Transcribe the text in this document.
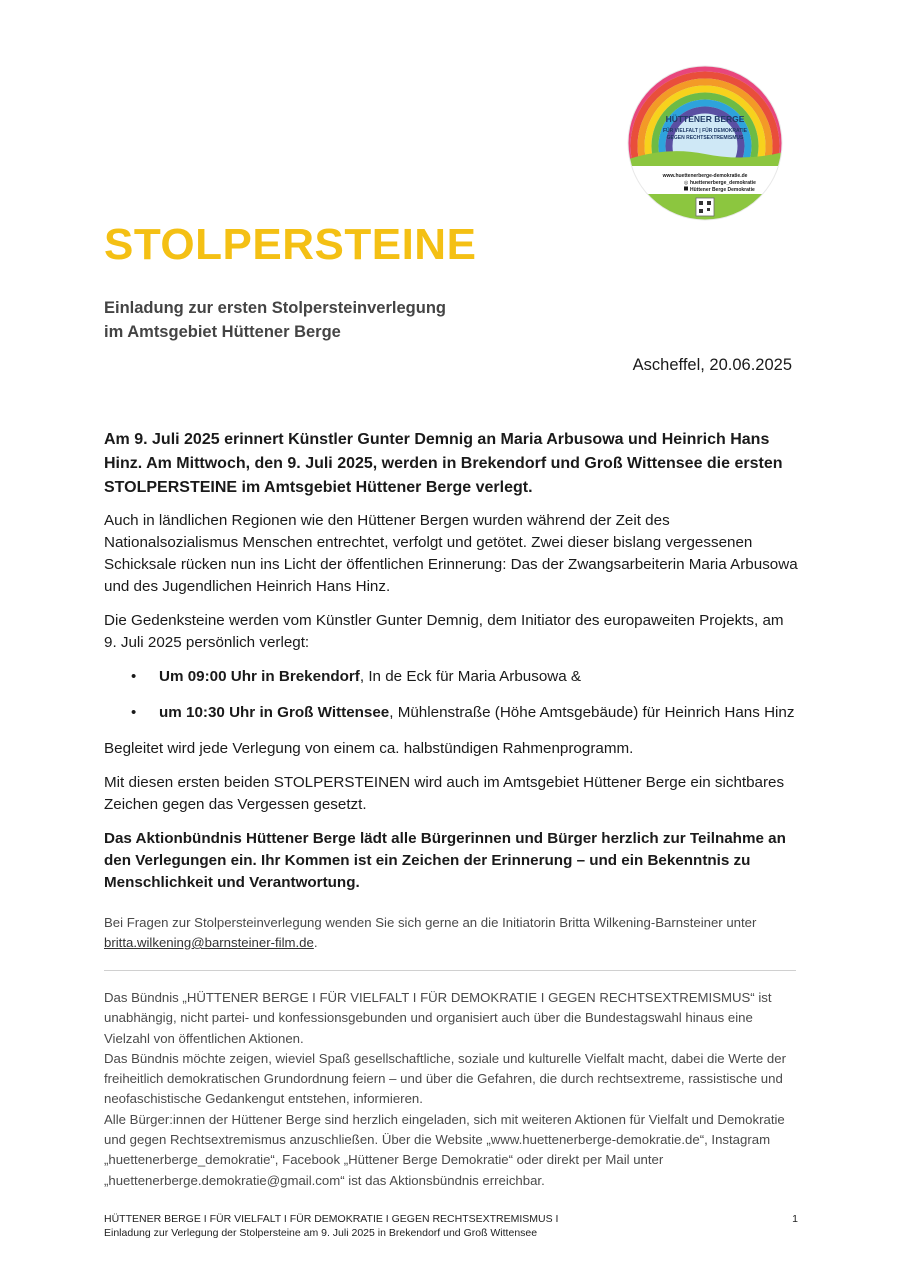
HÜTTENER BERGE
FÜR VIELFALT | FÜR DEMOKRATIE
GEGEN RECHTSEXTREMISMUS
www.huettenerberge-demokratie.de
◎ huettenerberge_demokratie
Hüttener Berge Demokratie
STOLPERSTEINE
Einladung zur ersten Stolpersteinverlegung
im Amtsgebiet Hüttener Berge
Ascheffel, 20.06.2025

Am 9. Juli 2025 erinnert Künstler Gunter Demnig an Maria Arbusowa und Heinrich Hans Hinz. Am Mittwoch, den 9. Juli 2025, werden in Brekendorf und Groß Wittensee die ersten STOLPERSTEINE im Amtsgebiet Hüttener Berge verlegt.

Auch in ländlichen Regionen wie den Hüttener Bergen wurden während der Zeit des Nationalsozialismus Menschen entrechtet, verfolgt und getötet. Zwei dieser bislang vergessenen Schicksale rücken nun ins Licht der öffentlichen Erinnerung: Das der Zwangsarbeiterin Maria Arbusowa und des Jugendlichen Heinrich Hans Hinz.

Die Gedenksteine werden vom Künstler Gunter Demnig, dem Initiator des europaweiten Projekts, am 9. Juli 2025 persönlich verlegt:

• Um 09:00 Uhr in Brekendorf, In de Eck für Maria Arbusowa &
• um 10:30 Uhr in Groß Wittensee, Mühlenstraße (Höhe Amtsgebäude) für Heinrich Hans Hinz

Begleitet wird jede Verlegung von einem ca. halbstündigen Rahmenprogramm.

Mit diesen ersten beiden STOLPERSTEINEN wird auch im Amtsgebiet Hüttener Berge ein sichtbares Zeichen gegen das Vergessen gesetzt.

Das Aktionbündnis Hüttener Berge lädt alle Bürgerinnen und Bürger herzlich zur Teilnahme an den Verlegungen ein. Ihr Kommen ist ein Zeichen der Erinnerung – und ein Bekenntnis zu Menschlichkeit und Verantwortung.

Bei Fragen zur Stolpersteinverlegung wenden Sie sich gerne an die Initiatorin Britta Wilkening-Barnsteiner unter britta.wilkening@barnsteiner-film.de.

Das Bündnis „HÜTTENER BERGE I FÜR VIELFALT I FÜR DEMOKRATIE I GEGEN RECHTSEXTREMISMUS“ ist unabhängig, nicht partei- und konfessionsgebunden und organisiert auch über die Bundestagswahl hinaus eine Vielzahl von öffentlichen Aktionen.

Das Bündnis möchte zeigen, wieviel Spaß gesellschaftliche, soziale und kulturelle Vielfalt macht, dabei die Werte der freiheitlich demokratischen Grundordnung feiern – und über die Gefahren, die durch rechtsextreme, rassistische und neofaschistische Gedankengut entstehen, informieren.

Alle Bürger:innen der Hüttener Berge sind herzlich eingeladen, sich mit weiteren Aktionen für Vielfalt und Demokratie und gegen Rechtsextremismus anzuschließen. Über die Website „www.huettenerberge-demokratie.de“, Instagram „huettenerberge_demokratie“, Facebook „Hüttener Berge Demokratie“ oder direkt per Mail unter „huettenerberge.demokratie@gmail.com“ ist das Aktionsbündnis erreichbar.

HÜTTENER BERGE I FÜR VIELFALT I FÜR DEMOKRATIE I GEGEN RECHTSEXTREMISMUS I
Einladung zur Verlegung der Stolpersteine am 9. Juli 2025 in Brekendorf und Groß Wittensee
1
